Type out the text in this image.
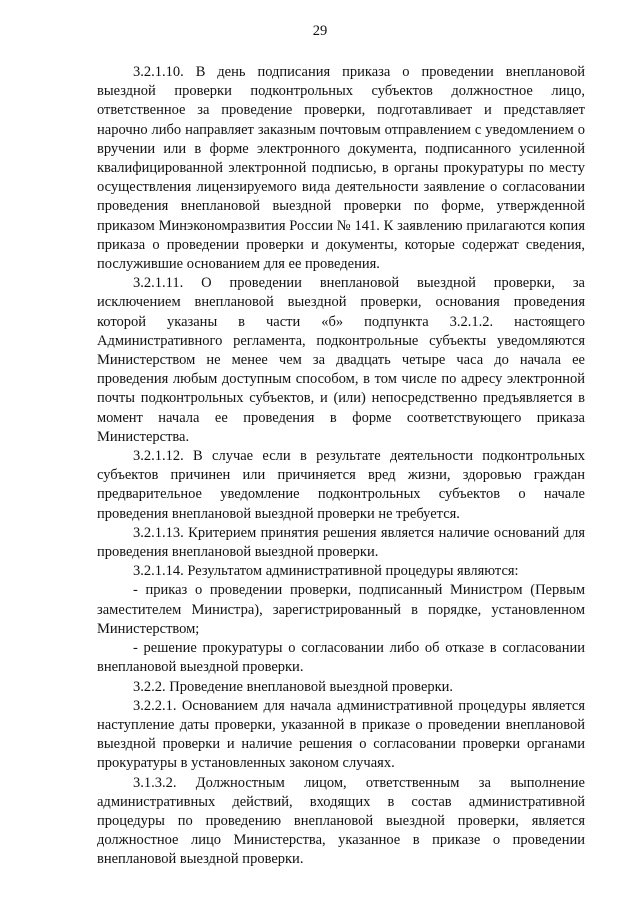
29

3.2.1.10. В день подписания приказа о проведении внеплановой выездной проверки подконтрольных субъектов должностное лицо, ответственное за проведение проверки, подготавливает и представляет нарочно либо направляет заказным почтовым отправлением с уведомлением о вручении или в форме электронного документа, подписанного усиленной квалифицированной электронной подписью, в органы прокуратуры по месту осуществления лицензируемого вида деятельности заявление о согласовании проведения внеплановой выездной проверки по форме, утвержденной приказом Минэкономразвития России № 141. К заявлению прилагаются копия приказа о проведении проверки и документы, которые содержат сведения, послужившие основанием для ее проведения.

3.2.1.11. О проведении внеплановой выездной проверки, за исключением внеплановой выездной проверки, основания проведения которой указаны в части «б» подпункта 3.2.1.2. настоящего Административного регламента, подконтрольные субъекты уведомляются Министерством не менее чем за двадцать четыре часа до начала ее проведения любым доступным способом, в том числе по адресу электронной почты подконтрольных субъектов, и (или) непосредственно предъявляется в момент начала ее проведения в форме соответствующего приказа Министерства.

3.2.1.12. В случае если в результате деятельности подконтрольных субъектов причинен или причиняется вред жизни, здоровью граждан предварительное уведомление подконтрольных субъектов о начале проведения внеплановой выездной проверки не требуется.

3.2.1.13. Критерием принятия решения является наличие оснований для проведения внеплановой выездной проверки.

3.2.1.14. Результатом административной процедуры являются:

- приказ о проведении проверки, подписанный Министром (Первым заместителем Министра), зарегистрированный в порядке, установленном Министерством;

- решение прокуратуры о согласовании либо об отказе в согласовании внеплановой выездной проверки.

3.2.2. Проведение внеплановой выездной проверки.

3.2.2.1. Основанием для начала административной процедуры является наступление даты проверки, указанной в приказе о проведении внеплановой выездной проверки и наличие решения о согласовании проверки органами прокуратуры в установленных законом случаях.

3.1.3.2. Должностным лицом, ответственным за выполнение административных действий, входящих в состав административной процедуры по проведению внеплановой выездной проверки, является должностное лицо Министерства, указанное в приказе о проведении внеплановой выездной проверки.
